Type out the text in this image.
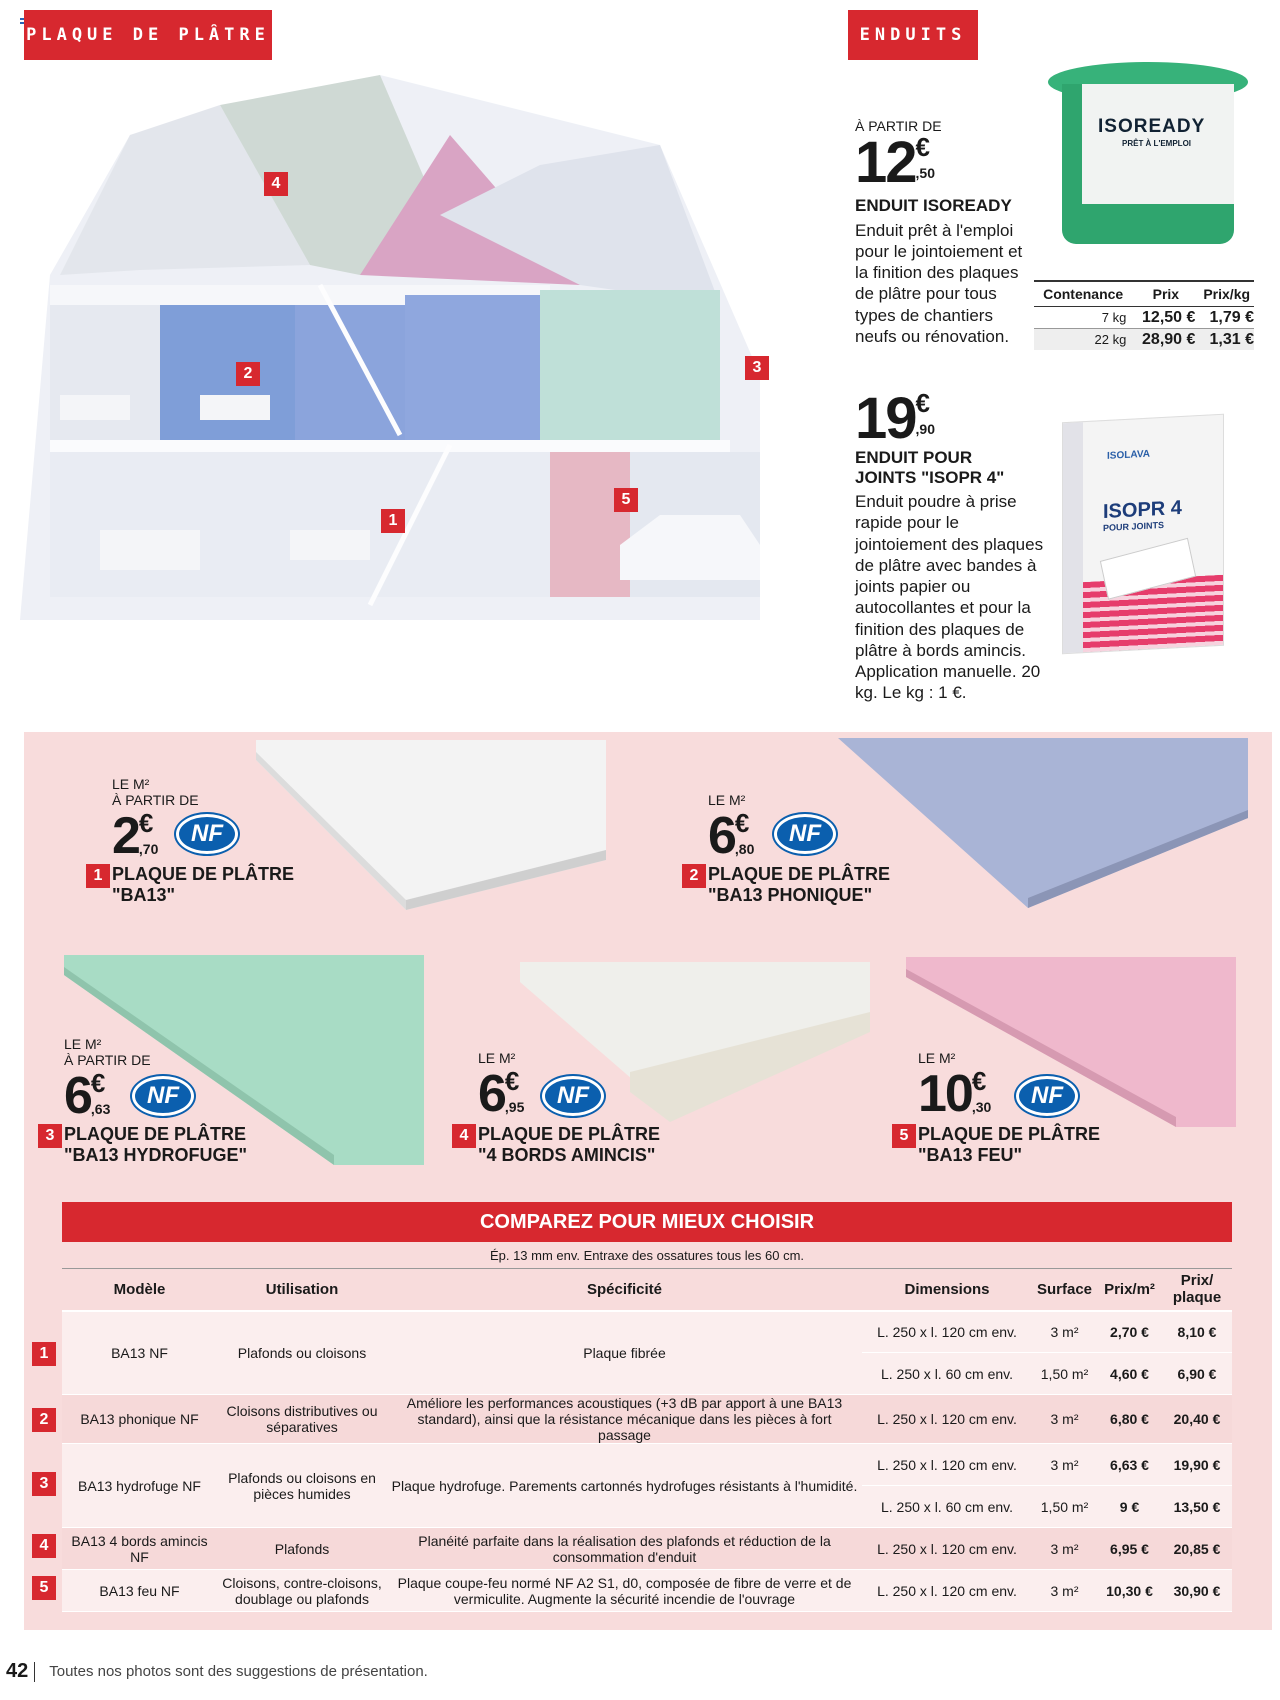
PLAQUE DE PLÂTRE	ENDUITS
4
2	3
1
5
À PARTIR DE
12 €
,50
ENDUIT ISOREADY
Enduit prêt à l'emploi pour le jointoiement et la finition des plaques de plâtre pour tous types de chantiers neufs ou rénovation.
ISOREADY
PRÊT À L'EMPLOI
Contenance	Prix	Prix/kg
7 kg	12,50 €	1,79 €
22 kg	28,90 €	1,31 €
19 €
,90
ENDUIT POUR JOINTS "ISOPR 4"
Enduit poudre à prise rapide pour le jointoiement des plaques de plâtre avec bandes à joints papier ou autocollantes et pour la finition des plaques de plâtre à bords amincis. Application manuelle. 20 kg. Le kg : 1 €.
ISOLAVA
ISOPR 4
POUR JOINTS
LE M²
À PARTIR DE
2 €
,70
NF
1 PLAQUE DE PLÂTRE
"BA13"
LE M²
6 €
,80
NF
2 PLAQUE DE PLÂTRE
"BA13 PHONIQUE"
LE M²
À PARTIR DE
6 €
,63
NF
3 PLAQUE DE PLÂTRE
"BA13 HYDROFUGE"
LE M²
6 €
,95	NF
4 PLAQUE DE PLÂTRE
"4 BORDS AMINCIS"
LE M²
10 €
,30	NF
5 PLAQUE DE PLÂTRE
"BA13 FEU"
COMPAREZ POUR MIEUX CHOISIR
Ép. 13 mm env. Entraxe des ossatures tous les 60 cm.
Modèle	Utilisation	Spécificité	Dimensions	Surface	Prix/m²	Prix/ plaque
BA13 NF	Plafonds ou cloisons	Plaque fibrée	L. 250 x l. 120 cm env.	3 m²	2,70 €	8,10 €
			L. 250 x l. 60 cm env.	1,50 m²	4,60 €	6,90 €
BA13 phonique NF	Cloisons distributives ou séparatives	Améliore les performances acoustiques (+3 dB par apport à une BA13 standard), ainsi que la résistance mécanique dans les pièces à fort passage	L. 250 x l. 120 cm env.	3 m²	6,80 €	20,40 €
BA13 hydrofuge NF	Plafonds ou cloisons en pièces humides	Plaque hydrofuge. Parements cartonnés hydrofuges résistants à l'humidité.	L. 250 x l. 120 cm env.	3 m²	6,63 €	19,90 €
			L. 250 x l. 60 cm env.	1,50 m²	9 €	13,50 €
BA13 4 bords amincis NF	Plafonds	Planéité parfaite dans la réalisation des plafonds et réduction de la consommation d'enduit	L. 250 x l. 120 cm env.	3 m²	6,95 €	20,85 €
BA13 feu NF	Cloisons, contre-cloisons, doublage ou plafonds	Plaque coupe-feu normé NF A2 S1, d0, composée de fibre de verre et de vermiculite. Augmente la sécurité incendie de l'ouvrage	L. 250 x l. 120 cm env.	3 m²	10,30 €	30,90 €
1
2
3
4
5
42 Toutes nos photos sont des suggestions de présentation.
